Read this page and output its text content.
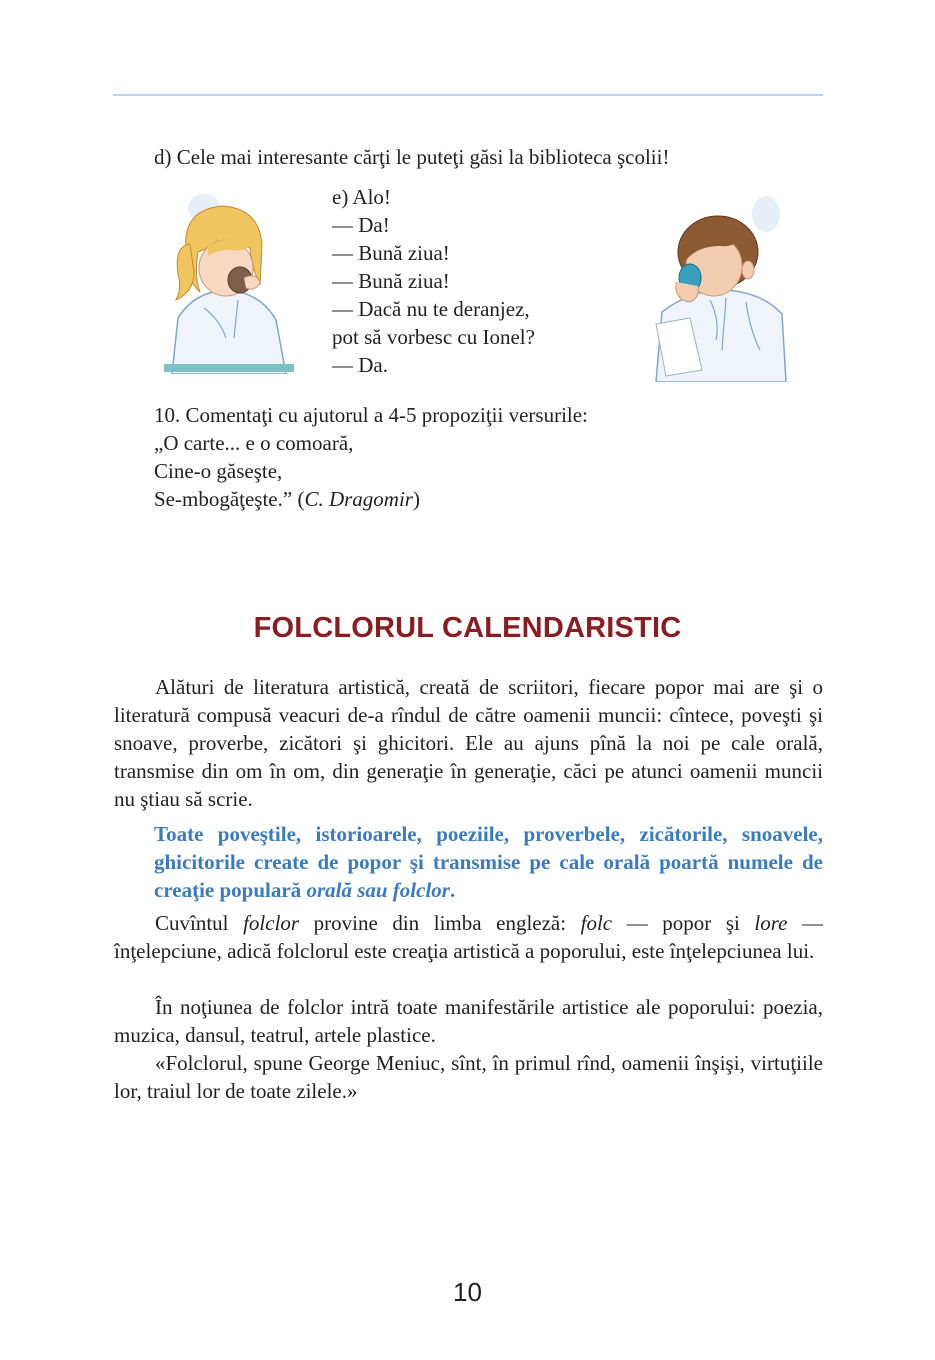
d) Cele mai interesante cărţi le puteţi găsi la biblioteca şcolii!
e) Alo!
— Da!
— Bună ziua!
— Bună ziua!
— Dacă nu te deranjez,
pot să vorbesc cu Ionel?
— Da.
10. Comentaţi cu ajutorul a 4-5 propoziţii versurile:
„O carte... e o comoară,
Cine-o găseşte,
Se-mbogăţeşte.” (C. Dragomir)
FOLCLORUL CALENDARISTIC

Alături de literatura artistică, creată de scriitori, fiecare popor mai are şi o literatură compusă veacuri de-a rîndul de către oamenii muncii: cîntece, poveşti şi snoave, proverbe, zicători şi ghicitori. Ele au ajuns pînă la noi pe cale orală, transmise din om în om, din generaţie în generaţie, căci pe atunci oamenii muncii nu ştiau să scrie.

Toate poveştile, istorioarele, poeziile, proverbele, zicătorile, snoavele, ghicitorile create de popor şi transmise pe cale orală poartă numele de creaţie populară orală sau folclor.

Cuvîntul folclor provine din limba engleză: folc — popor şi lore — înţelepciune, adică folclorul este creaţia artistică a poporului, este înţelepciunea lui.

În noţiunea de folclor intră toate manifestările artistice ale poporului: poezia, muzica, dansul, teatrul, artele plastice.

«Folclorul, spune George Meniuc, sînt, în primul rînd, oamenii înşişi, virtuţiile lor, traiul lor de toate zilele.»

10
